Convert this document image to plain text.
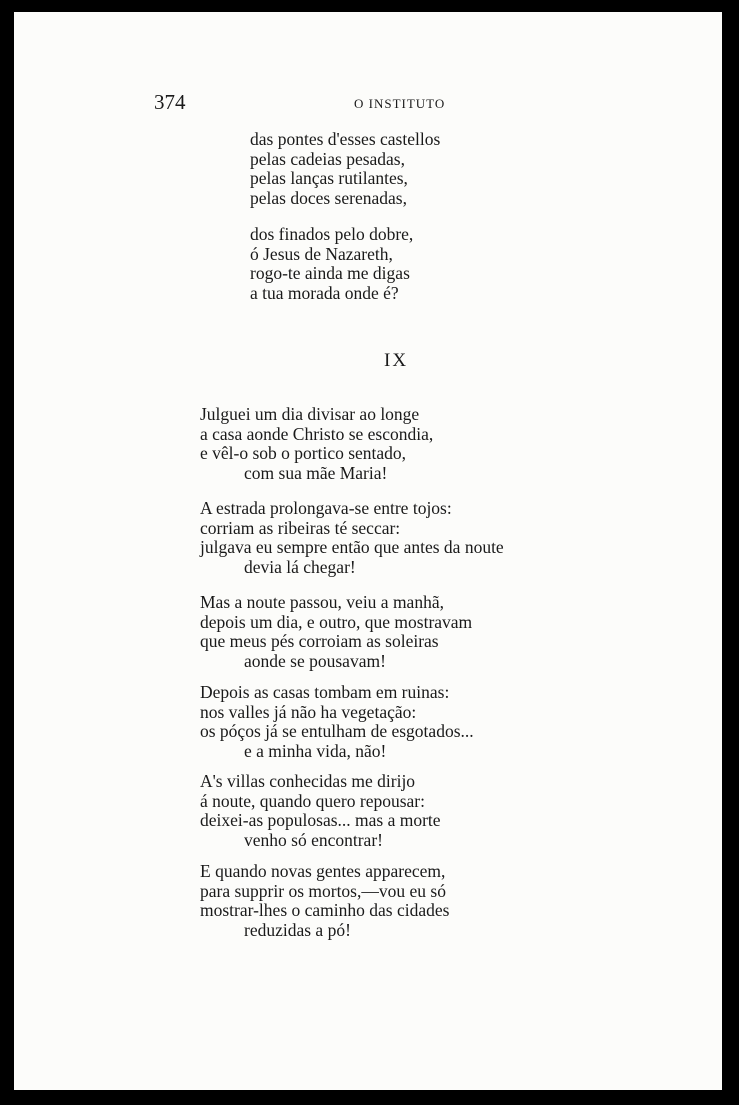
374	O INSTITUTO
das pontes d'esses castellos
pelas cadeias pesadas,
pelas lanças rutilantes,
pelas doces serenadas,
dos finados pelo dobre,
ó Jesus de Nazareth,
rogo-te ainda me digas
a tua morada onde é?
IX
Julguei um dia divisar ao longe
a casa aonde Christo se escondia,
e vêl-o sob o portico sentado,
com sua mãe Maria!
A estrada prolongava-se entre tojos:
corriam as ribeiras té seccar:
julgava eu sempre então que antes da noute
devia lá chegar!
Mas a noute passou, veiu a manhã,
depois um dia, e outro, que mostravam
que meus pés corroiam as soleiras
aonde se pousavam!
Depois as casas tombam em ruinas:
nos valles já não ha vegetação:
os póços já se entulham de esgotados...
e a minha vida, não!
A's villas conhecidas me dirijo
á noute, quando quero repousar:
deixei-as populosas... mas a morte
venho só encontrar!
E quando novas gentes apparecem,
para supprir os mortos,—vou eu só
mostrar-lhes o caminho das cidades
reduzidas a pó!
